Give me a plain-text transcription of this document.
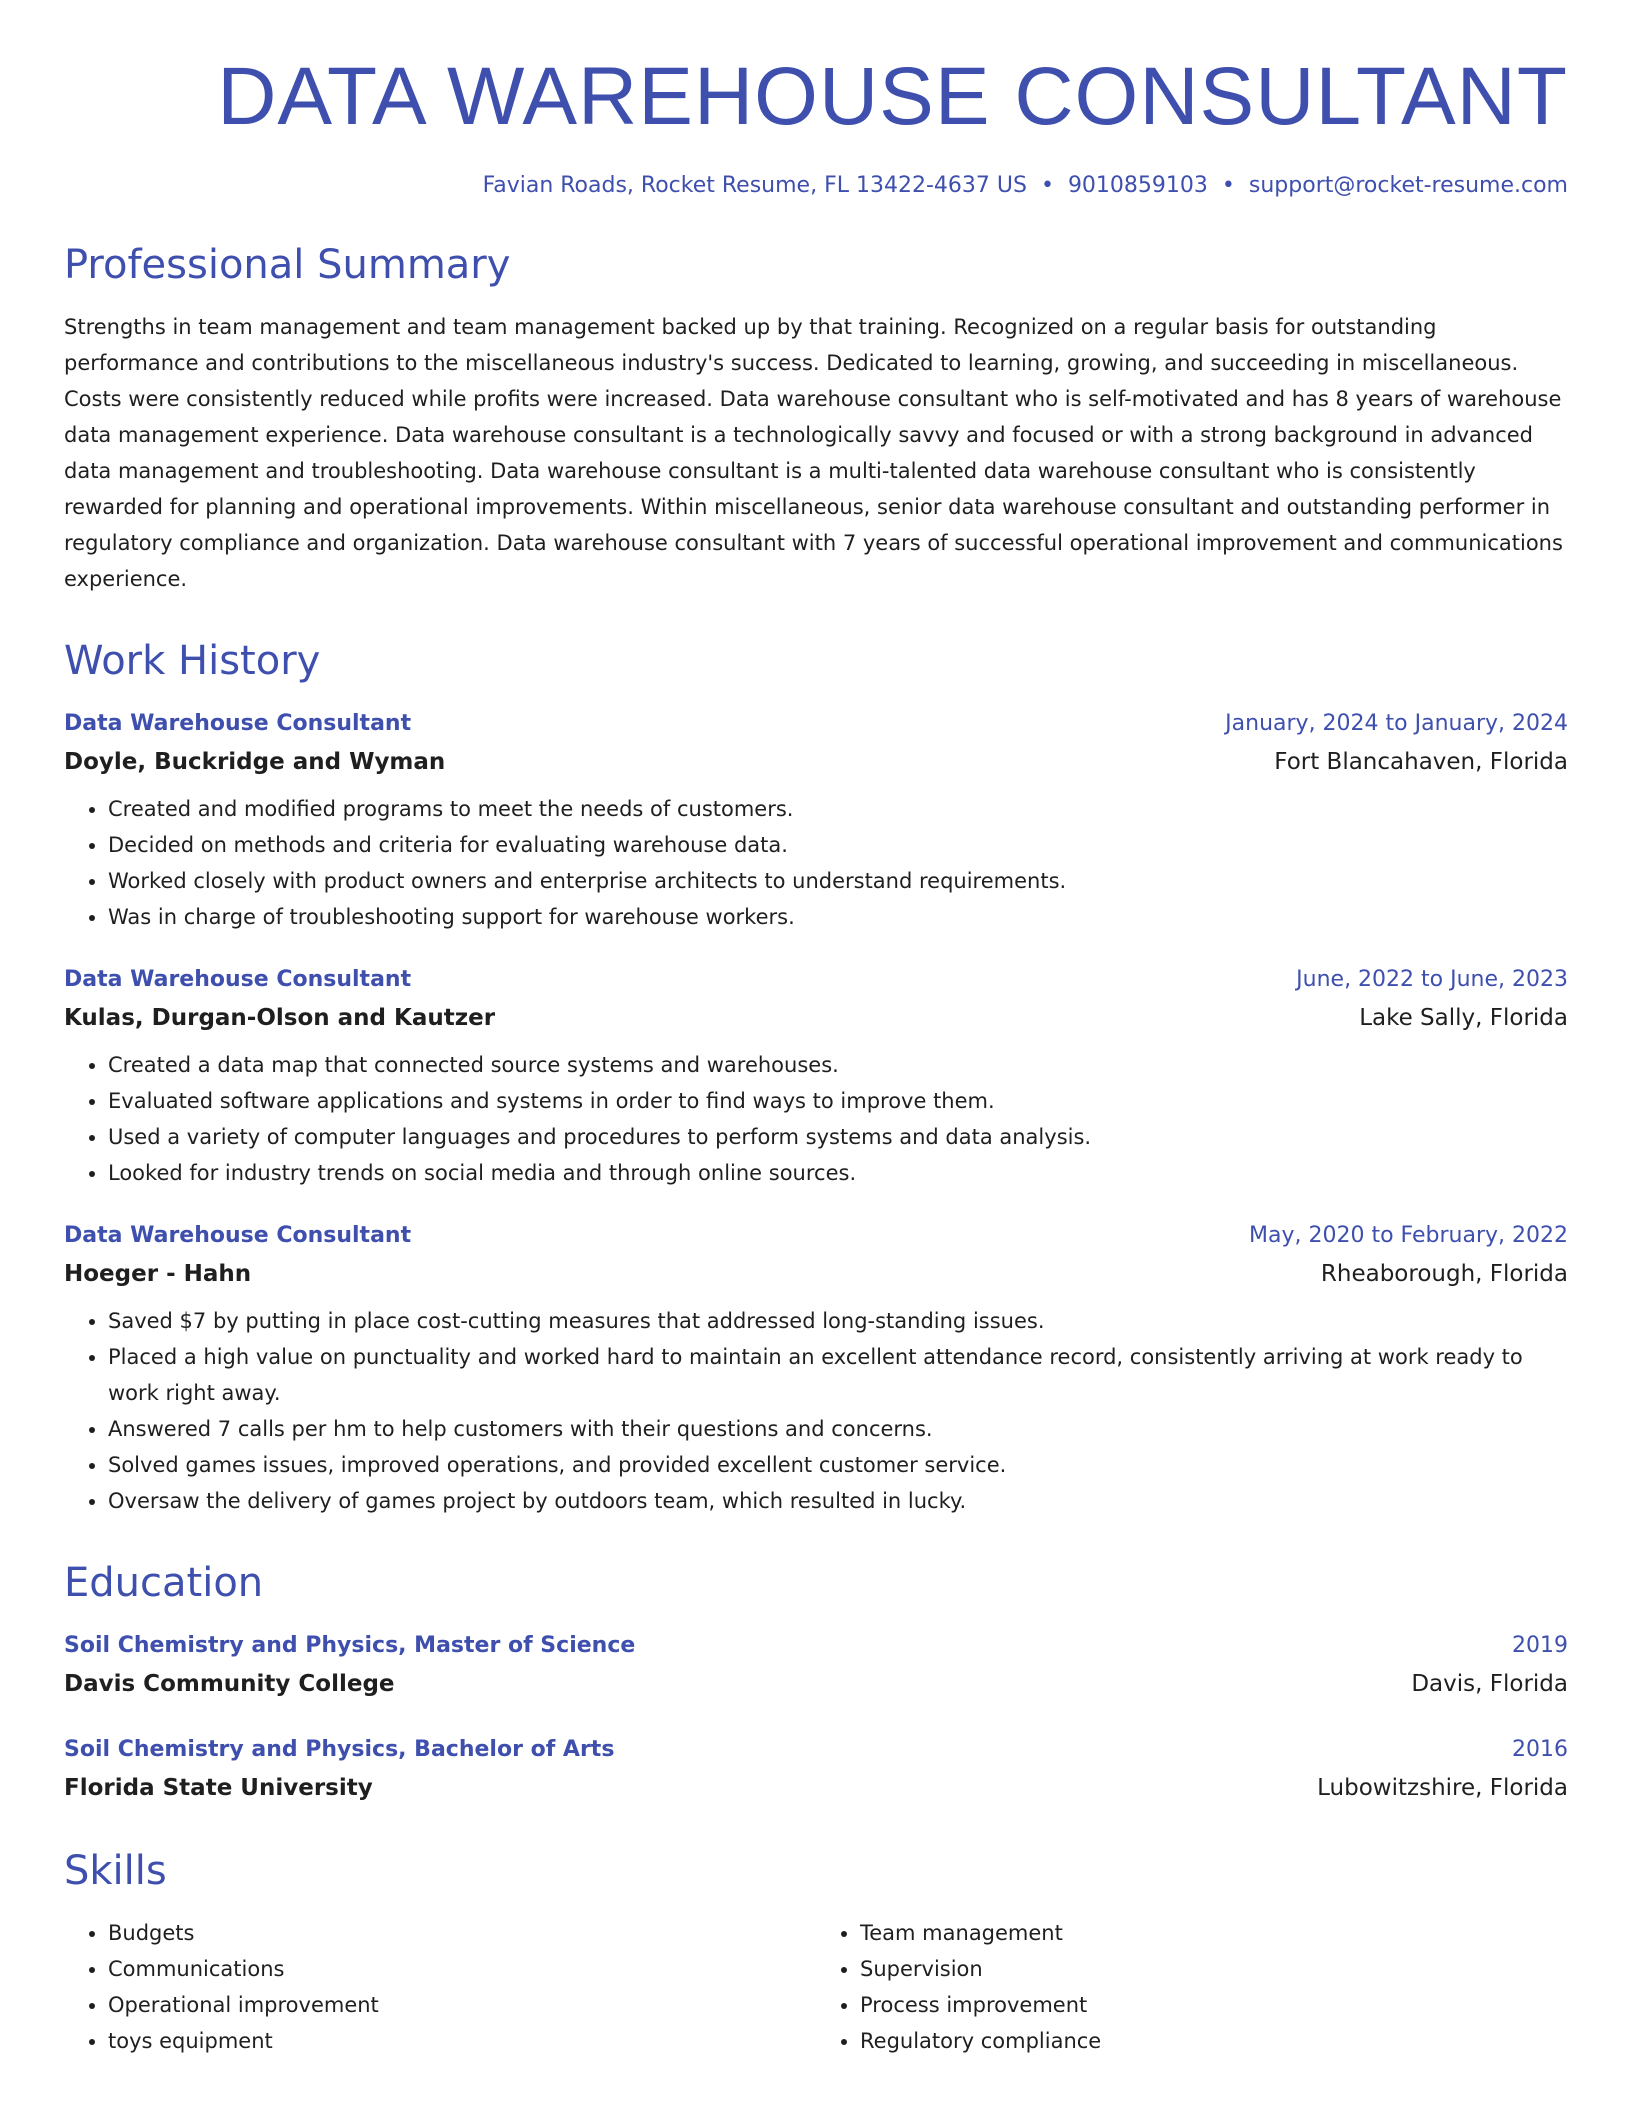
DATA WAREHOUSE CONSULTANT
Favian Roads, Rocket Resume, FL 13422-4637 US • 9010859103 • support@rocket-resume.com
Professional Summary

Strengths in team management and team management backed up by that training. Recognized on a regular basis for outstanding performance and contributions to the miscellaneous industry's success. Dedicated to learning, growing, and succeeding in miscellaneous. Costs were consistently reduced while profits were increased. Data warehouse consultant who is self-motivated and has 8 years of warehouse data management experience. Data warehouse consultant is a technologically savvy and focused or with a strong background in advanced data management and troubleshooting. Data warehouse consultant is a multi-talented data warehouse consultant who is consistently rewarded for planning and operational improvements. Within miscellaneous, senior data warehouse consultant and outstanding performer in regulatory compliance and organization. Data warehouse consultant with 7 years of successful operational improvement and communications experience.

Work History
Data Warehouse Consultant	January, 2024 to January, 2024
Doyle, Buckridge and Wyman	Fort Blancahaven, Florida
• Created and modified programs to meet the needs of customers.
• Decided on methods and criteria for evaluating warehouse data.
• Worked closely with product owners and enterprise architects to understand requirements.
• Was in charge of troubleshooting support for warehouse workers.
Data Warehouse Consultant	June, 2022 to June, 2023
Kulas, Durgan-Olson and Kautzer	Lake Sally, Florida
• Created a data map that connected source systems and warehouses.
• Evaluated software applications and systems in order to find ways to improve them.
• Used a variety of computer languages and procedures to perform systems and data analysis.
• Looked for industry trends on social media and through online sources.
Data Warehouse Consultant	May, 2020 to February, 2022
Hoeger - Hahn	Rheaborough, Florida
• Saved $7 by putting in place cost-cutting measures that addressed long-standing issues.
• Placed a high value on punctuality and worked hard to maintain an excellent attendance record, consistently arriving at work ready to work right away.
• Answered 7 calls per hm to help customers with their questions and concerns.
• Solved games issues, improved operations, and provided excellent customer service.
• Oversaw the delivery of games project by outdoors team, which resulted in lucky.
Education
Soil Chemistry and Physics, Master of Science	2019
Davis Community College	Davis, Florida
Soil Chemistry and Physics, Bachelor of Arts	2016
Florida State University	Lubowitzshire, Florida
Skills
• Budgets
• Communications
• Operational improvement
• toys equipment
• Team management
• Supervision
• Process improvement
• Regulatory compliance
